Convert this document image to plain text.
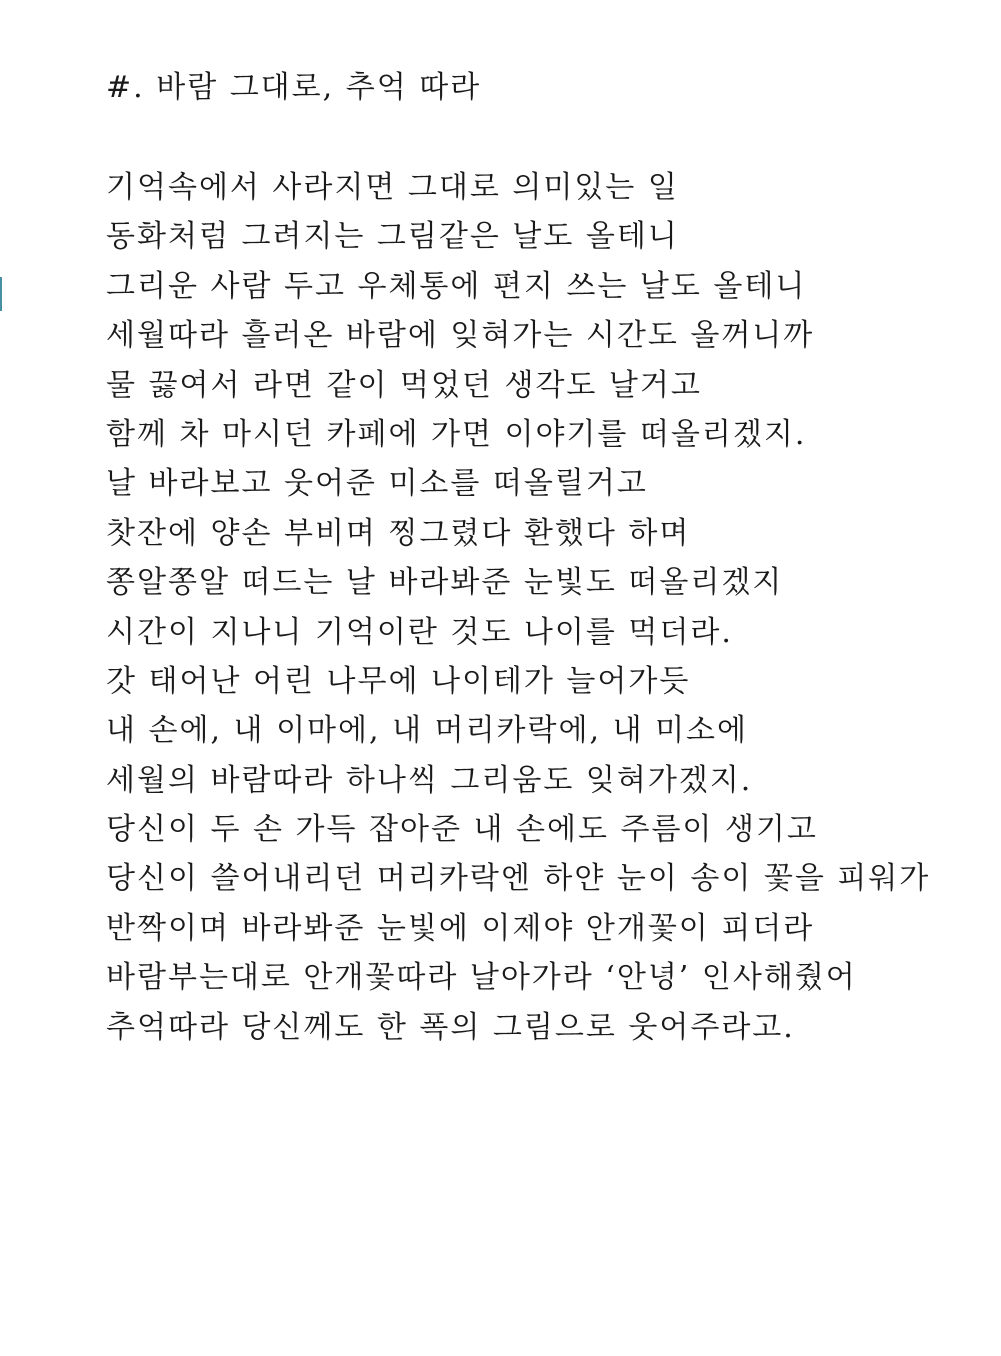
#. 바람 그대로, 추억 따라
기억속에서 사라지면 그대로 의미있는 일
동화처럼 그려지는 그림같은 날도 올테니
그리운 사람 두고 우체통에 편지 쓰는 날도 올테니
세월따라 흘러온 바람에 잊혀가는 시간도 올꺼니까
물 끓여서 라면 같이 먹었던 생각도 날거고
함께 차 마시던 카페에 가면 이야기를 떠올리겠지.
날 바라보고 웃어준 미소를 떠올릴거고
찻잔에 양손 부비며 찡그렸다 환했다 하며
쫑알쫑알 떠드는 날 바라봐준 눈빛도 떠올리겠지
시간이 지나니 기억이란 것도 나이를 먹더라.
갓 태어난 어린 나무에 나이테가 늘어가듯
내 손에, 내 이마에, 내 머리카락에, 내 미소에
세월의 바람따라 하나씩 그리움도 잊혀가겠지.
당신이 두 손 가득 잡아준 내 손에도 주름이 생기고
당신이 쓸어내리던 머리카락엔 하얀 눈이 송이 꽃을 피워가
반짝이며 바라봐준 눈빛에 이제야 안개꽃이 피더라
바람부는대로 안개꽃따라 날아가라 ‘안녕’ 인사해줬어
추억따라 당신께도 한 폭의 그림으로 웃어주라고.
